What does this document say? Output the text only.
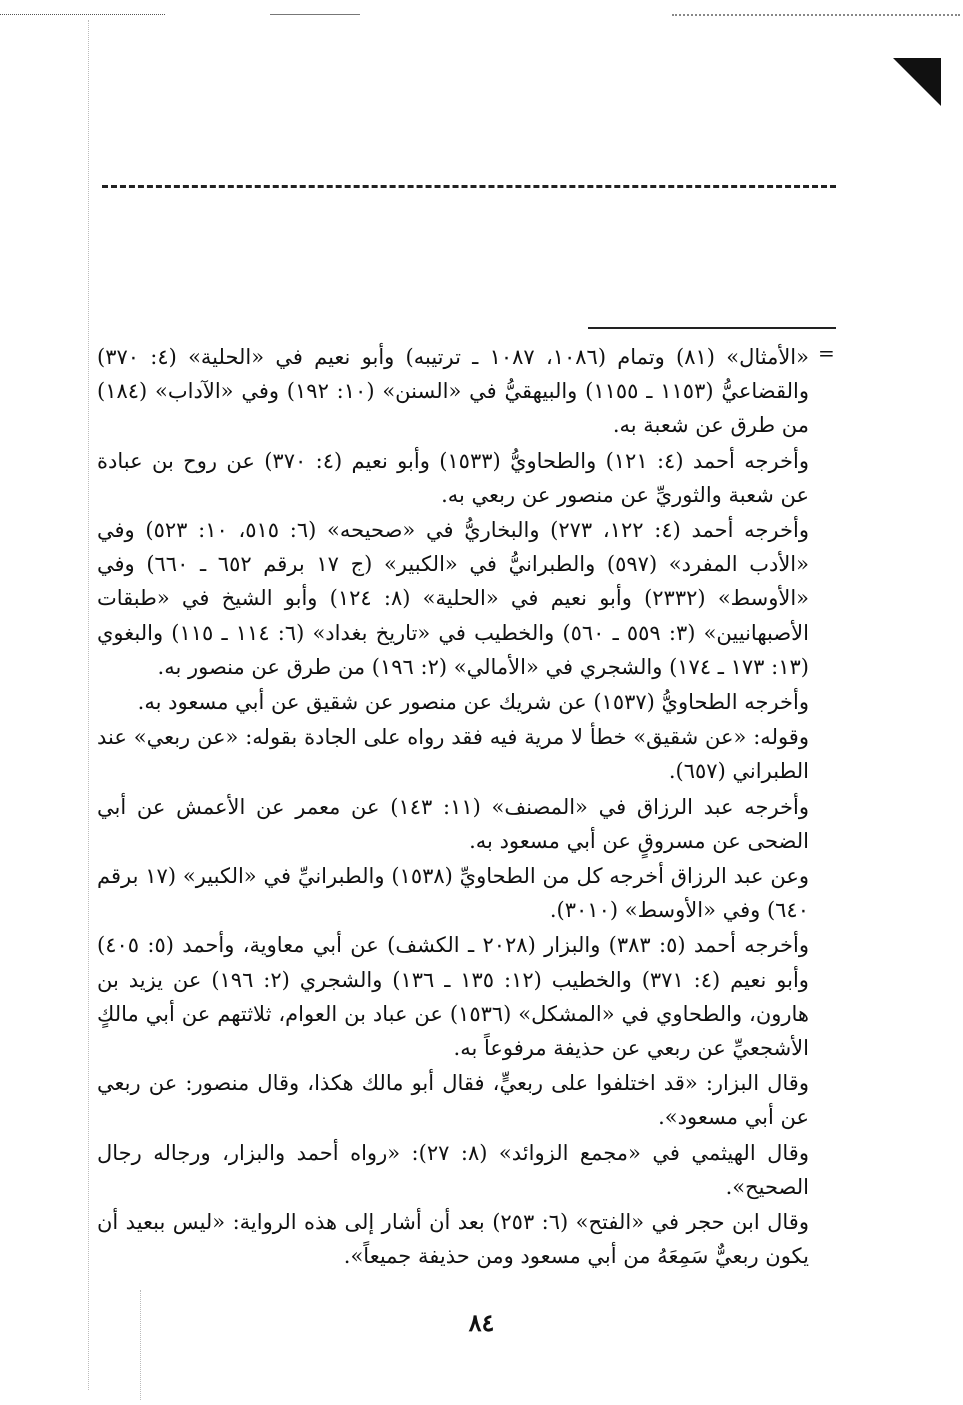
=

«الأمثال» (٨١) وتمام (١٠٨٦، ١٠٨٧ ـ ترتيبه) وأبو نعيم في «الحلية» (٤: ٣٧٠) والقضاعيُّ (١١٥٣ ـ ١١٥٥) والبيهقيُّ في «السنن» (١٠: ١٩٢) وفي «الآداب» (١٨٤) من طرق عن شعبة به.

وأخرجه أحمد (٤: ١٢١) والطحاويُّ (١٥٣٣) وأبو نعيم (٤: ٣٧٠) عن روح بن عبادة عن شعبة والثوريِّ عن منصور عن ربعي به.

وأخرجه أحمد (٤: ١٢٢، ٢٧٣) والبخاريُّ في «صحيحه» (٦: ٥١٥، ١٠: ٥٢٣) وفي «الأدب المفرد» (٥٩٧) والطبرانيُّ في «الكبير» (ج ١٧ برقم ٦٥٢ ـ ٦٦٠) وفي «الأوسط» (٢٣٣٢) وأبو نعيم في «الحلية» (٨: ١٢٤) وأبو الشيخ في «طبقات الأصبهانيين» (٣: ٥٥٩ ـ ٥٦٠) والخطيب في «تاريخ بغداد» (٦: ١١٤ ـ ١١٥) والبغوي (١٣: ١٧٣ ـ ١٧٤) والشجري في «الأمالي» (٢: ١٩٦) من طرق عن منصور به.

وأخرجه الطحاويُّ (١٥٣٧) عن شريك عن منصور عن شقيق عن أبي مسعود به.

وقوله: «عن شقيق» خطأ لا مرية فيه فقد رواه على الجادة بقوله: «عن ربعي» عند الطبراني (٦٥٧).

وأخرجه عبد الرزاق في «المصنف» (١١: ١٤٣) عن معمر عن الأعمش عن أبي الضحى عن مسروقٍ عن أبي مسعود به.

وعن عبد الرزاق أخرجه كل من الطحاويِّ (١٥٣٨) والطبرانيِّ في «الكبير» (١٧ برقم ٦٤٠) وفي «الأوسط» (٣٠١٠).

وأخرجه أحمد (٥: ٣٨٣) والبزار (٢٠٢٨ ـ الكشف) عن أبي معاوية، وأحمد (٥: ٤٠٥) وأبو نعيم (٤: ٣٧١) والخطيب (١٢: ١٣٥ ـ ١٣٦) والشجري (٢: ١٩٦) عن يزيد بن هارون، والطحاوي في «المشكل» (١٥٣٦) عن عباد بن العوام، ثلاثتهم عن أبي مالكٍ الأشجعيِّ عن ربعي عن حذيفة مرفوعاً به.

وقال البزار: «قد اختلفوا على ربعيٍّ، فقال أبو مالك هكذا، وقال منصور: عن ربعي عن أبي مسعود».

وقال الهيثمي في «مجمع الزوائد» (٨: ٢٧): «رواه أحمد والبزار، ورجاله رجال الصحيح».

وقال ابن حجر في «الفتح» (٦: ٢٥٣) بعد أن أشار إلى هذه الرواية: «ليس ببعيد أن يكون ربعيٌّ سَمِعَهُ من أبي مسعود ومن حذيفة جميعاً».

٨٤
